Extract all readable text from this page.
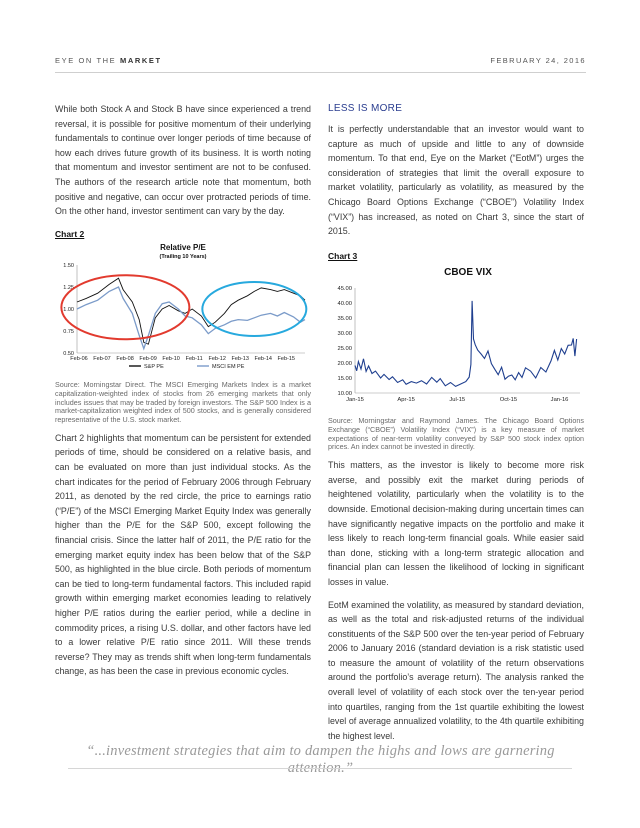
EYE ON THE MARKET	FEBRUARY 24, 2016

While both Stock A and Stock B have since experienced a trend reversal, it is possible for positive momentum of their underlying fundamentals to continue over longer periods of time because of how each drives future growth of its business. It is worth noting that momentum and investor sentiment are not to be confused. The authors of the research article note that momentum, both positive and negative, can occur over protracted periods of time. On the other hand, investor sentiment can vary by the day.

Chart 2

Relative P/E
(Trailing 10 Years)
0.50
0.75
1.00
1.25
1.50
Feb-06 Feb-07 Feb-08 Feb-09 Feb-10 Feb-11 Feb-12 Feb-13 Feb-14 Feb-15
S&P PE	MSCI EM PE

Source: Morningstar Direct. The MSCI Emerging Markets Index is a market capitalization-weighted index of stocks from 26 emerging markets that only includes issues that may be traded by foreign investors. The S&P 500 Index is a market-capitalization weighted index of 500 stocks, and is generally considered representative of the U.S. stock market.

Chart 2 highlights that momentum can be persistent for extended periods of time, should be considered on a relative basis, and can be evaluated on more than just individual stocks. As the chart indicates for the period of February 2006 through February 2011, as denoted by the red circle, the price to earnings ratio (“P/E”) of the MSCI Emerging Market Equity Index was generally higher than the P/E for the S&P 500, except following the financial crisis. Since the latter half of 2011, the P/E ratio for the emerging market equity index has been below that of the S&P 500, as highlighted in the blue circle. Both periods of momentum can be tied to long-term fundamental factors. This included rapid growth within emerging market economies leading to relatively higher P/E ratios during the earlier period, while a decline in commodity prices, a rising U.S. dollar, and other factors have led to a lower relative P/E ratio since 2011. Will these trends reverse? They may as trends shift when long-term fundamentals change, as has been the case in previous economic cycles.

LESS IS MORE

It is perfectly understandable that an investor would want to capture as much of upside and little to any of downside momentum. To that end, Eye on the Market (“EotM”) urges the consideration of strategies that limit the overall exposure to market volatility, particularly as volatility, as measured by the Chicago Board Options Exchange (“CBOE”) Volatility Index (“VIX”) has increased, as noted on Chart 3, since the start of 2015.

Chart 3

CBOE VIX
10.00
15.00
20.00
25.00
30.00
35.00
40.00
45.00
Jan-15	Apr-15	Jul-15	Oct-15	Jan-16

Source: Morningstar and Raymond James. The Chicago Board Options Exchange (“CBOE”) Volatility Index (“VIX”) is a key measure of market expectations of near-term volatility conveyed by S&P 500 stock index option prices. An index cannot be invested in directly.

This matters, as the investor is likely to become more risk averse, and possibly exit the market during periods of heightened volatility, particularly when the volatility is to the downside. Emotional decision-making during uncertain times can have significantly negative impacts on the portfolio and make it less likely to reach long-term financial goals. While easier said than done, sticking with a long-term strategic allocation and financial plan can lessen the likelihood of locking in significant losses in value.

EotM examined the volatility, as measured by standard deviation, as well as the total and risk-adjusted returns of the individual constituents of the S&P 500 over the ten-year period of February 2006 to January 2016 (standard deviation is a risk statistic used to measure the amount of volatility of the return observations around the portfolio’s average return). The analysis ranked the overall level of volatility of each stock over the ten-year period into quartiles, ranging from the 1st quartile exhibiting the lowest level of average annualized volatility, to the 4th quartile exhibiting the highest level.

“...investment strategies that aim to dampen the highs and lows are garnering attention.”
